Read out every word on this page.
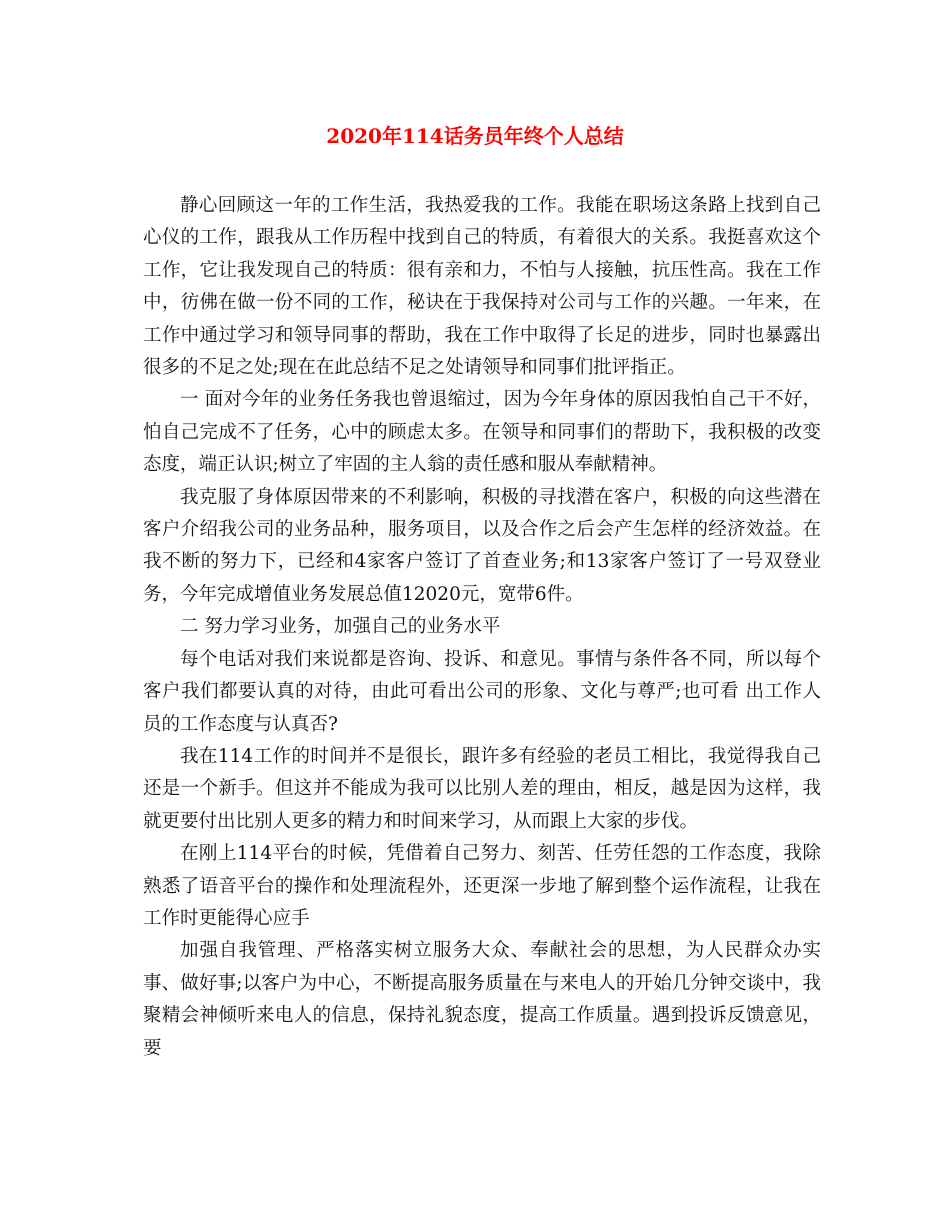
2020年114话务员年终个人总结

静心回顾这一年的工作生活，我热爱我的工作。我能在职场这条路上找到自己心仪的工作，跟我从工作历程中找到自己的特质，有着很大的关系。我挺喜欢这个工作，它让我发现自己的特质：很有亲和力，不怕与人接触，抗压性高。我在工作中，彷佛在做一份不同的工作，秘诀在于我保持对公司与工作的兴趣。一年来，在工作中通过学习和领导同事的帮助，我在工作中取得了长足的进步，同时也暴露出很多的不足之处;现在在此总结不足之处请领导和同事们批评指正。

一 面对今年的业务任务我也曾退缩过，因为今年身体的原因我怕自己干不好，怕自己完成不了任务，心中的顾虑太多。在领导和同事们的帮助下，我积极的改变态度，端正认识;树立了牢固的主人翁的责任感和服从奉献精神。

我克服了身体原因带来的不利影响，积极的寻找潜在客户，积极的向这些潜在客户介绍我公司的业务品种，服务项目，以及合作之后会产生怎样的经济效益。在我不断的努力下，已经和4家客户签订了首查业务;和13家客户签订了一号双登业务，今年完成增值业务发展总值12020元，宽带6件。

二 努力学习业务，加强自己的业务水平

每个电话对我们来说都是咨询、投诉、和意见。事情与条件各不同，所以每个客户我们都要认真的对待，由此可看出公司的形象、文化与尊严;也可看 出工作人员的工作态度与认真否?

我在114工作的时间并不是很长，跟许多有经验的老员工相比，我觉得我自己还是一个新手。但这并不能成为我可以比别人差的理由，相反，越是因为这样，我就更要付出比别人更多的精力和时间来学习，从而跟上大家的步伐。

在刚上114平台的时候，凭借着自己努力、刻苦、任劳任怨的工作态度，我除熟悉了语音平台的操作和处理流程外，还更深一步地了解到整个运作流程，让我在工作时更能得心应手

加强自我管理、严格落实树立服务大众、奉献社会的思想，为人民群众办实事、做好事;以客户为中心，不断提高服务质量在与来电人的开始几分钟交谈中，我聚精会神倾听来电人的信息，保持礼貌态度，提高工作质量。遇到投诉反馈意见，要
